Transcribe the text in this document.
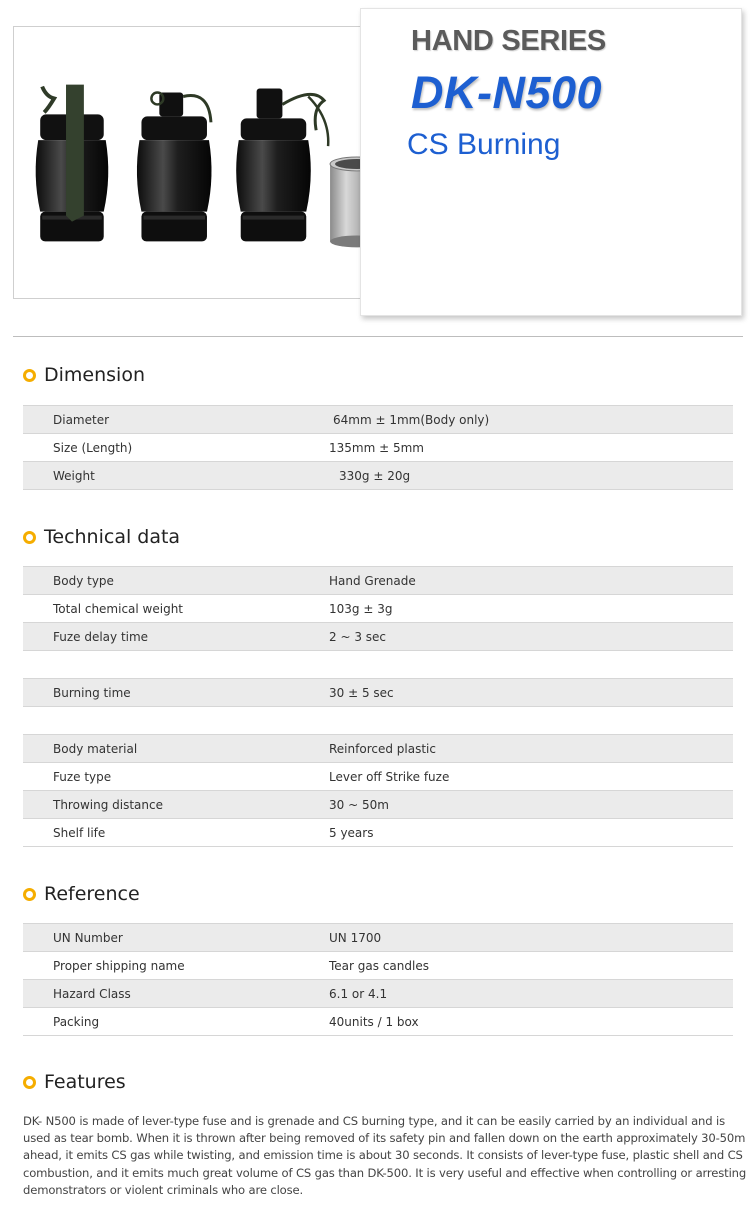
HAND SERIES
DK-N500
CS Burning
Dimension
Diameter	64mm ± 1mm(Body only)
Size (Length)	135mm ± 5mm
Weight	330g ± 20g
Technical data
Body type	Hand Grenade
Total chemical weight	103g ± 3g
Fuze delay time	2 ~ 3 sec
Burning time	30 ± 5 sec
Body material	Reinforced plastic
Fuze type	Lever off Strike fuze
Throwing distance	30 ~ 50m
Shelf life	5 years
Reference
UN Number	UN 1700
Proper shipping name	Tear gas candles
Hazard Class	6.1 or 4.1
Packing	40units / 1 box
Features

DK- N500 is made of lever-type fuse and is grenade and CS burning type, and it can be easily carried by an individual and is used as tear bomb. When it is thrown after being removed of its safety pin and fallen down on the earth approximately 30-50m ahead, it emits CS gas while twisting, and emission time is about 30 seconds. It consists of lever-type fuse, plastic shell and CS combustion, and it emits much great volume of CS gas than DK-500. It is very useful and effective when controlling or arresting demonstrators or violent criminals who are close.
